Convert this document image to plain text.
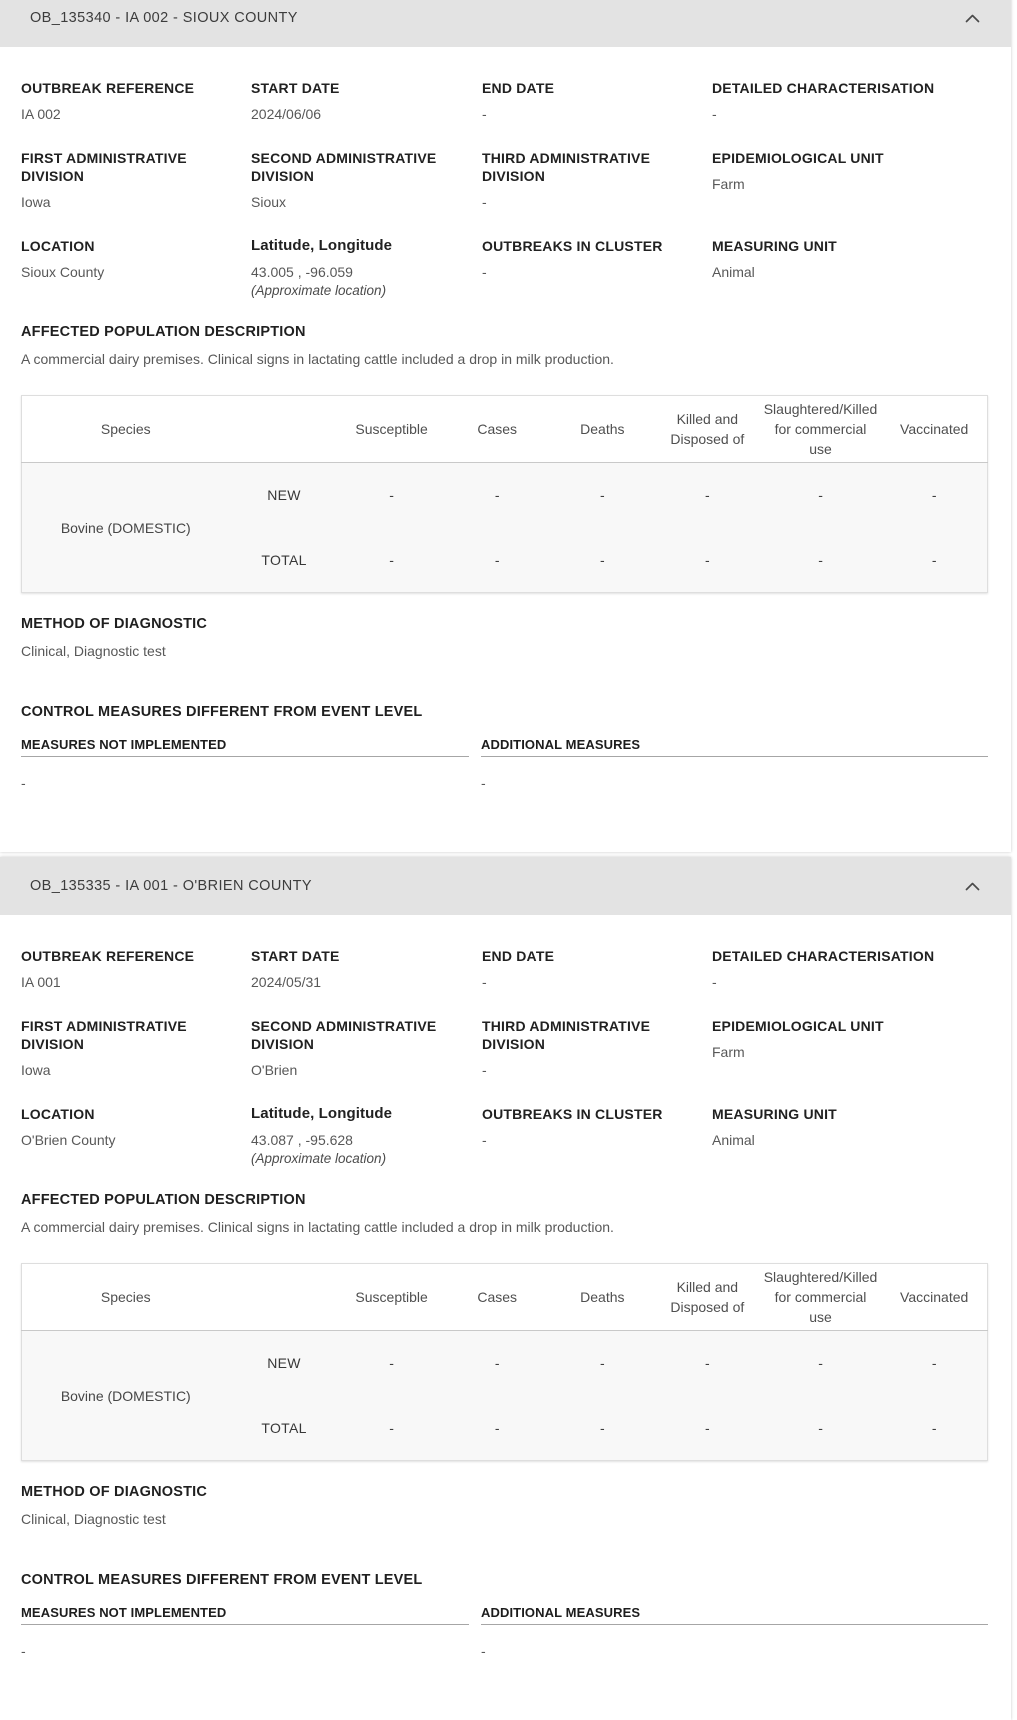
OB_135340 - IA 002 - SIOUX COUNTY
OUTBREAK REFERENCE
IA 002
START DATE
2024/06/06
END DATE
-
DETAILED CHARACTERISATION
-
FIRST ADMINISTRATIVE DIVISION
Iowa
SECOND ADMINISTRATIVE DIVISION
Sioux
THIRD ADMINISTRATIVE DIVISION
-
EPIDEMIOLOGICAL UNIT
Farm
LOCATION
Sioux County
Latitude, Longitude
43.005 , -96.059
(Approximate location)
OUTBREAKS IN CLUSTER
-
MEASURING UNIT
Animal
AFFECTED POPULATION DESCRIPTION
A commercial dairy premises. Clinical signs in lactating cattle included a drop in milk production.
Species		Susceptible	Cases	Deaths	Killed and Disposed of	Slaughtered/Killed for commercial use	Vaccinated

Bovine (DOMESTIC)	NEW	-	-	-	-	-	-
	TOTAL	-	-	-	-	-	-
METHOD OF DIAGNOSTIC
Clinical, Diagnostic test
CONTROL MEASURES DIFFERENT FROM EVENT LEVEL
MEASURES NOT IMPLEMENTED
-
ADDITIONAL MEASURES
-
OB_135335 - IA 001 - O'BRIEN COUNTY
OUTBREAK REFERENCE
IA 001
START DATE
2024/05/31
END DATE
-
DETAILED CHARACTERISATION
-
FIRST ADMINISTRATIVE DIVISION
Iowa
SECOND ADMINISTRATIVE DIVISION
O'Brien
THIRD ADMINISTRATIVE DIVISION
-
EPIDEMIOLOGICAL UNIT
Farm
LOCATION
O'Brien County
Latitude, Longitude
43.087 , -95.628
(Approximate location)
OUTBREAKS IN CLUSTER
-
MEASURING UNIT
Animal
AFFECTED POPULATION DESCRIPTION
A commercial dairy premises. Clinical signs in lactating cattle included a drop in milk production.
Species		Susceptible	Cases	Deaths	Killed and Disposed of	Slaughtered/Killed for commercial use	Vaccinated

Bovine (DOMESTIC)	NEW	-	-	-	-	-	-
	TOTAL	-	-	-	-	-	-
METHOD OF DIAGNOSTIC
Clinical, Diagnostic test
CONTROL MEASURES DIFFERENT FROM EVENT LEVEL
MEASURES NOT IMPLEMENTED
-
ADDITIONAL MEASURES
-
